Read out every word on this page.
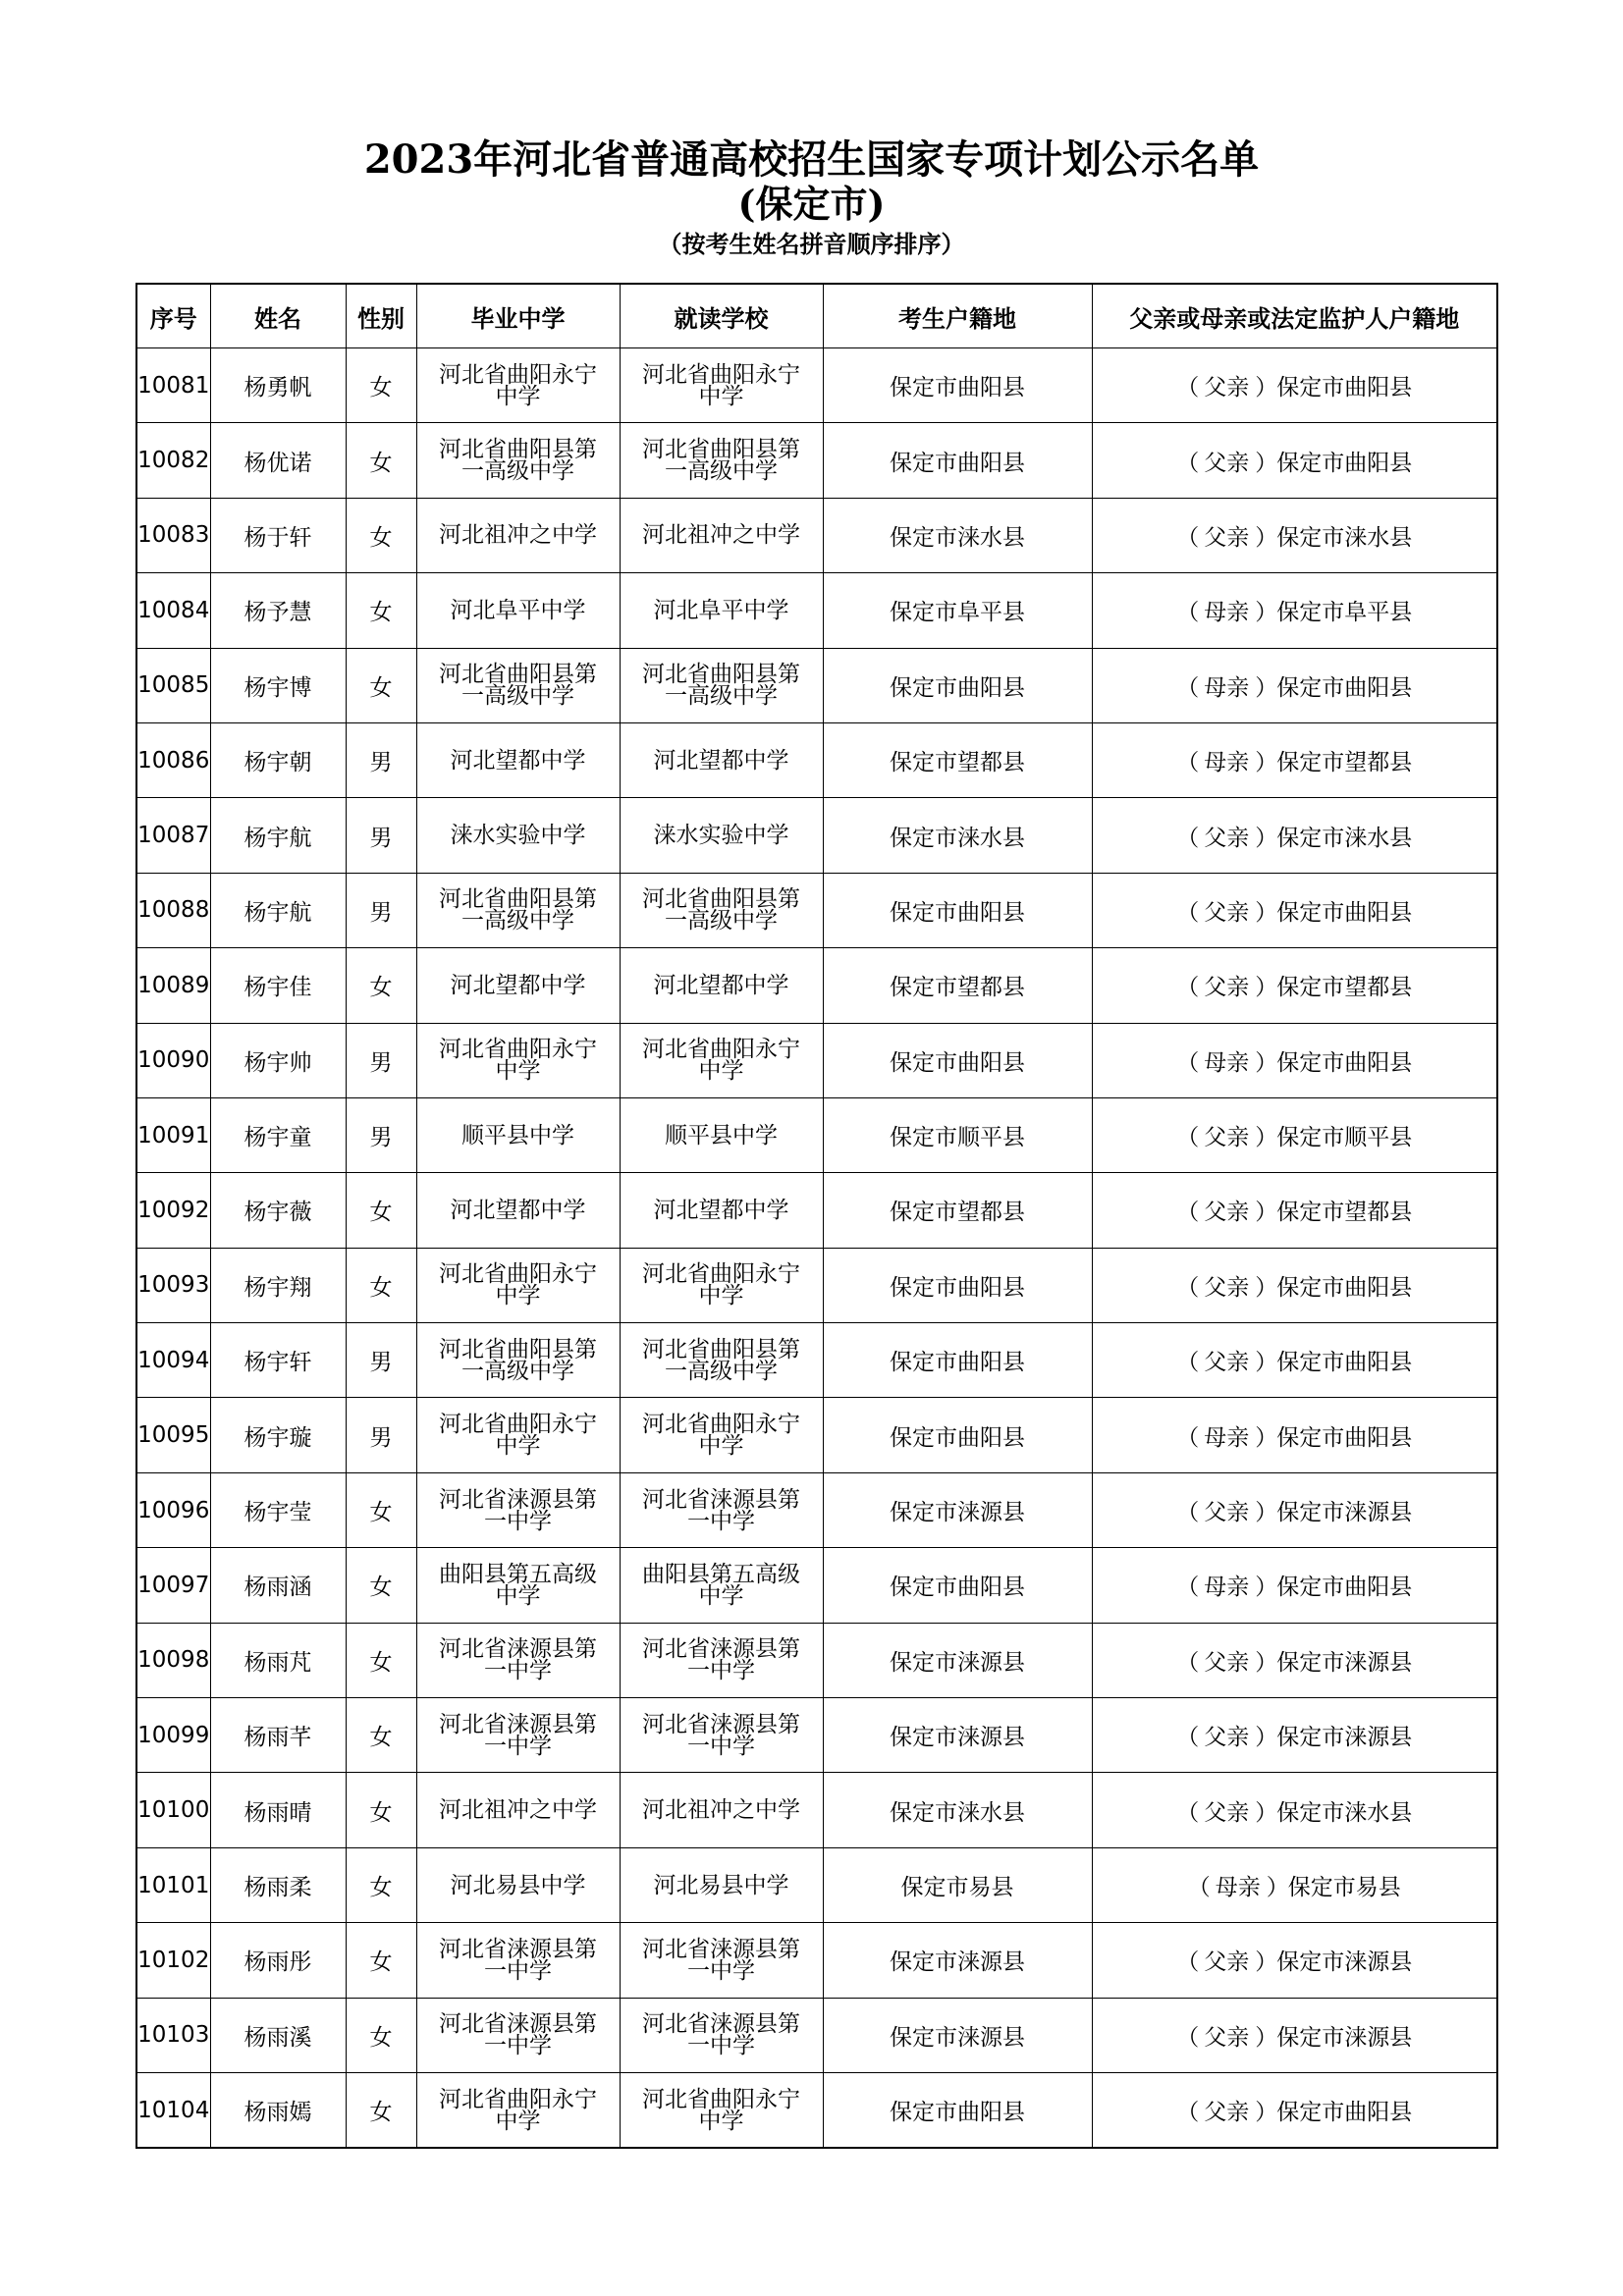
2023年河北省普通高校招生国家专项计划公示名单
(保定市)
（按考生姓名拼音顺序排序）
序号	姓名	性别	毕业中学	就读学校	考生户籍地	父亲或母亲或法定监护人户籍地
10081	杨勇帆	女	河北省曲阳永宁
中学	河北省曲阳永宁
中学	保定市曲阳县	（ 父亲 ）保定市曲阳县
10082	杨优诺	女	河北省曲阳县第
一高级中学	河北省曲阳县第
一高级中学	保定市曲阳县	（ 父亲 ）保定市曲阳县
10083	杨于轩	女	河北祖冲之中学	河北祖冲之中学	保定市涞水县	（ 父亲 ）保定市涞水县
10084	杨予慧	女	河北阜平中学	河北阜平中学	保定市阜平县	（ 母亲 ）保定市阜平县
10085	杨宇博	女	河北省曲阳县第
一高级中学	河北省曲阳县第
一高级中学	保定市曲阳县	（ 母亲 ）保定市曲阳县
10086	杨宇朝	男	河北望都中学	河北望都中学	保定市望都县	（ 母亲 ）保定市望都县
10087	杨宇航	男	涞水实验中学	涞水实验中学	保定市涞水县	（ 父亲 ）保定市涞水县
10088	杨宇航	男	河北省曲阳县第
一高级中学	河北省曲阳县第
一高级中学	保定市曲阳县	（ 父亲 ）保定市曲阳县
10089	杨宇佳	女	河北望都中学	河北望都中学	保定市望都县	（ 父亲 ）保定市望都县
10090	杨宇帅	男	河北省曲阳永宁
中学	河北省曲阳永宁
中学	保定市曲阳县	（ 母亲 ）保定市曲阳县
10091	杨宇童	男	顺平县中学	顺平县中学	保定市顺平县	（ 父亲 ）保定市顺平县
10092	杨宇薇	女	河北望都中学	河北望都中学	保定市望都县	（ 父亲 ）保定市望都县
10093	杨宇翔	女	河北省曲阳永宁
中学	河北省曲阳永宁
中学	保定市曲阳县	（ 父亲 ）保定市曲阳县
10094	杨宇轩	男	河北省曲阳县第
一高级中学	河北省曲阳县第
一高级中学	保定市曲阳县	（ 父亲 ）保定市曲阳县
10095	杨宇璇	男	河北省曲阳永宁
中学	河北省曲阳永宁
中学	保定市曲阳县	（ 母亲 ）保定市曲阳县
10096	杨宇莹	女	河北省涞源县第
一中学	河北省涞源县第
一中学	保定市涞源县	（ 父亲 ）保定市涞源县
10097	杨雨涵	女	曲阳县第五高级
中学	曲阳县第五高级
中学	保定市曲阳县	（ 母亲 ）保定市曲阳县
10098	杨雨芃	女	河北省涞源县第
一中学	河北省涞源县第
一中学	保定市涞源县	（ 父亲 ）保定市涞源县
10099	杨雨芊	女	河北省涞源县第
一中学	河北省涞源县第
一中学	保定市涞源县	（ 父亲 ）保定市涞源县
10100	杨雨晴	女	河北祖冲之中学	河北祖冲之中学	保定市涞水县	（ 父亲 ）保定市涞水县
10101	杨雨柔	女	河北易县中学	河北易县中学	保定市易县	（ 母亲 ）保定市易县
10102	杨雨彤	女	河北省涞源县第
一中学	河北省涞源县第
一中学	保定市涞源县	（ 父亲 ）保定市涞源县
10103	杨雨溪	女	河北省涞源县第
一中学	河北省涞源县第
一中学	保定市涞源县	（ 父亲 ）保定市涞源县
10104	杨雨嫣	女	河北省曲阳永宁
中学	河北省曲阳永宁
中学	保定市曲阳县	（ 父亲 ）保定市曲阳县
